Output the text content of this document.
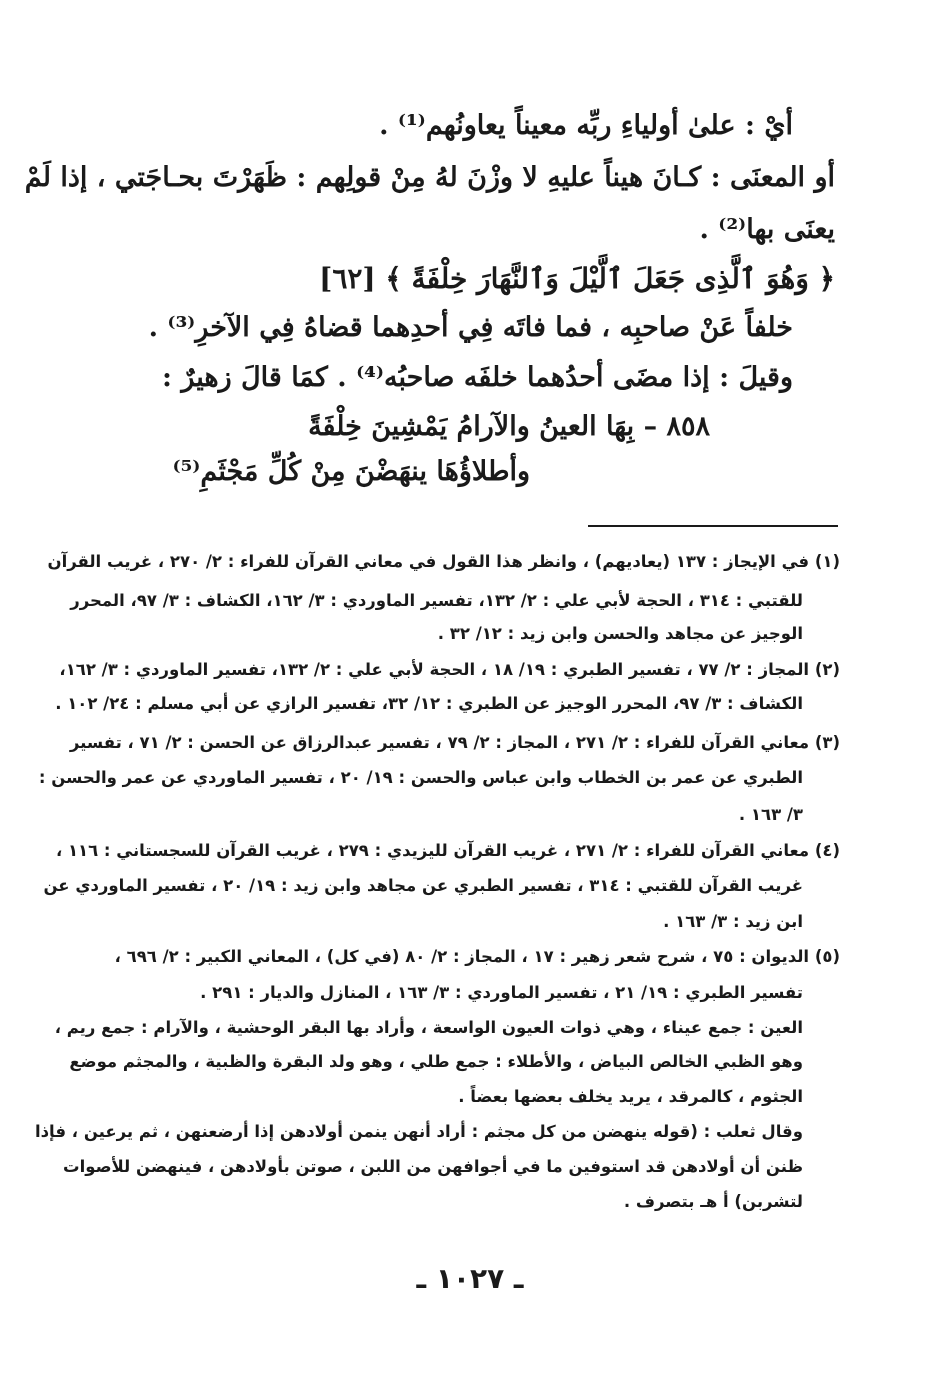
أيْ : علىٰ أولياءِ ربِّه معيناً يعاونُهم⁽¹⁾ .
أو المعنَى : كـانَ هيناً عليهِ لا وزْنَ لهُ مِنْ قولِهم : ظَهَرْتَ بحـاجَتي ، إذا لَمْ
يعنَى بها⁽²⁾ .
﴿ وَهُوَ ٱلَّذِى جَعَلَ ٱلَّيْلَ وَٱلنَّهَارَ خِلْفَةً ﴾ [٦٢]
خلفاً عَنْ صاحبِه ، فما فاتَه فِي أحدِهما قضاهُ فِي الآخرِ⁽³⁾ .
وقيلَ : إذا مضَى أحدُهما خلفَه صاحبُه⁽⁴⁾ . كمَا قالَ زهيرٌ :
٨٥٨ – بِهَا العينُ والآرامُ يَمْشِينَ خِلْفَةً
وأطلاؤُهَا ينهَضْنَ مِنْ كُلِّ مَجْثَمِ⁽⁵⁾
(١) في الإيجاز : ١٣٧ (يعاديهم) ، وانظر هذا القول في معاني القرآن للفراء : ٢/ ٢٧٠ ، غريب القرآن
للقتبي : ٣١٤ ، الحجة لأبي علي : ٢/ ١٣٢، تفسير الماوردي : ٣/ ١٦٢، الكشاف : ٣/ ٩٧، المحرر
الوجيز عن مجاهد والحسن وابن زيد : ١٢/ ٣٢ .
(٢) المجاز : ٢/ ٧٧ ، تفسير الطبري : ١٩/ ١٨ ، الحجة لأبي علي : ٢/ ١٣٢، تفسير الماوردي : ٣/ ١٦٢،
الكشاف : ٣/ ٩٧، المحرر الوجيز عن الطبري : ١٢/ ٣٢، تفسير الرازي عن أبي مسلم : ٢٤/ ١٠٢ .
(٣) معاني القرآن للفراء : ٢/ ٢٧١ ، المجاز : ٢/ ٧٩ ، تفسير عبدالرزاق عن الحسن : ٢/ ٧١ ، تفسير
الطبري عن عمر بن الخطاب وابن عباس والحسن : ١٩/ ٢٠ ، تفسير الماوردي عن عمر والحسن :
٣/ ١٦٣ .
(٤) معاني القرآن للفراء : ٢/ ٢٧١ ، غريب القرآن لليزيدي : ٢٧٩ ، غريب القرآن للسجستاني : ١١٦ ،
غريب القرآن للقتبي : ٣١٤ ، تفسير الطبري عن مجاهد وابن زيد : ١٩/ ٢٠ ، تفسير الماوردي عن
ابن زيد : ٣/ ١٦٣ .
(٥) الديوان : ٧٥ ، شرح شعر زهير : ١٧ ، المجاز : ٢/ ٨٠ (في كل) ، المعاني الكبير : ٢/ ٦٩٦ ،
تفسير الطبري : ١٩/ ٢١ ، تفسير الماوردي : ٣/ ١٦٣ ، المنازل والديار : ٢٩١ .
العين : جمع عيناء ، وهي ذوات العيون الواسعة ، وأراد بها البقر الوحشية ، والآرام : جمع ريم ،
وهو الظبي الخالص البياض ، والأطلاء : جمع طلي ، وهو ولد البقرة والظبية ، والمجثم موضع
الجثوم ، كالمرقد ، يريد يخلف بعضها بعضاً .
وقال ثعلب : (قوله ينهضن من كل مجثم : أراد أنهن ينمن أولادهن إذا أرضعنهن ، ثم يرعين ، فإذا
ظنن أن أولادهن قد استوفين ما في أجوافهن من اللبن ، صوتن بأولادهن ، فينهضن للأصوات
لتشربن) أ هـ بتصرف .
ـ ١٠٢٧ ـ
